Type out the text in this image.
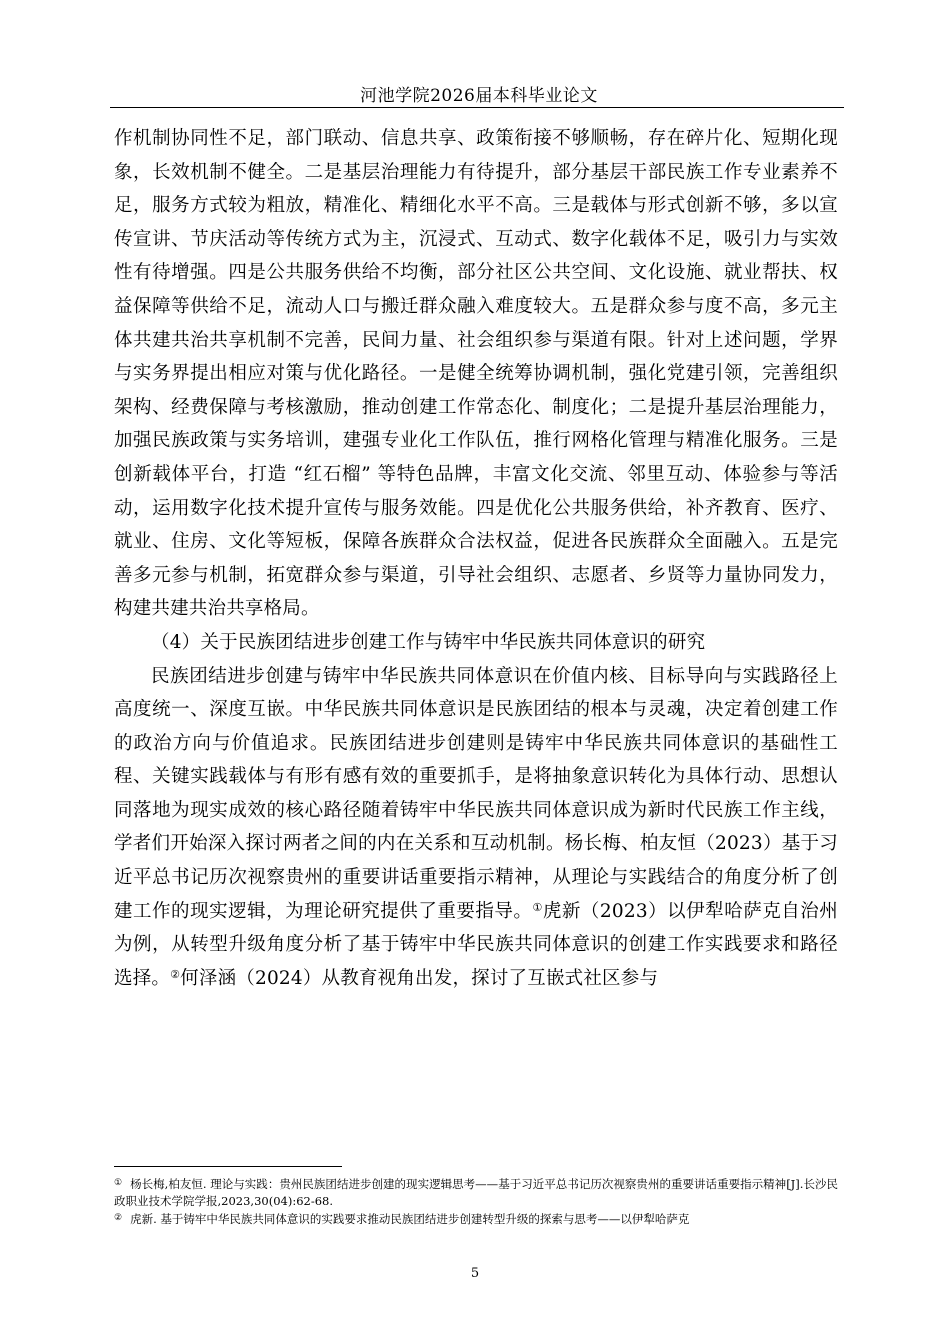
河池学院2026届本科毕业论文

作机制协同性不足，部门联动、信息共享、政策衔接不够顺畅，存在碎片化、短期化现象，长效机制不健全。二是基层治理能力有待提升，部分基层干部民族工作专业素养不足，服务方式较为粗放，精准化、精细化水平不高。三是载体与形式创新不够，多以宣传宣讲、节庆活动等传统方式为主，沉浸式、互动式、数字化载体不足，吸引力与实效性有待增强。四是公共服务供给不均衡，部分社区公共空间、文化设施、就业帮扶、权益保障等供给不足，流动人口与搬迁群众融入难度较大。五是群众参与度不高，多元主体共建共治共享机制不完善，民间力量、社会组织参与渠道有限。针对上述问题，学界与实务界提出相应对策与优化路径。一是健全统筹协调机制，强化党建引领，完善组织架构、经费保障与考核激励，推动创建工作常态化、制度化；二是提升基层治理能力，加强民族政策与实务培训，建强专业化工作队伍，推行网格化管理与精准化服务。三是创新载体平台，打造 “红石榴” 等特色品牌，丰富文化交流、邻里互动、体验参与等活动，运用数字化技术提升宣传与服务效能。四是优化公共服务供给，补齐教育、医疗、就业、住房、文化等短板，保障各族群众合法权益，促进各民族群众全面融入。五是完善多元参与机制，拓宽群众参与渠道，引导社会组织、志愿者、乡贤等力量协同发力，构建共建共治共享格局。

（4）关于民族团结进步创建工作与铸牢中华民族共同体意识的研究

民族团结进步创建与铸牢中华民族共同体意识在价值内核、目标导向与实践路径上高度统一、深度互嵌。中华民族共同体意识是民族团结的根本与灵魂，决定着创建工作的政治方向与价值追求。民族团结进步创建则是铸牢中华民族共同体意识的基础性工程、关键实践载体与有形有感有效的重要抓手，是将抽象意识转化为具体行动、思想认同落地为现实成效的核心路径随着铸牢中华民族共同体意识成为新时代民族工作主线，学者们开始深入探讨两者之间的内在关系和互动机制。杨长梅、柏友恒（2023）基于习近平总书记历次视察贵州的重要讲话重要指示精神，从理论与实践结合的角度分析了创建工作的现实逻辑，为理论研究提供了重要指导。①虎新（2023）以伊犁哈萨克自治州为例，从转型升级角度分析了基于铸牢中华民族共同体意识的创建工作实践要求和路径选择。②何泽涵（2024）从教育视角出发，探讨了互嵌式社区参与

① 杨长梅,柏友恒. 理论与实践：贵州民族团结进步创建的现实逻辑思考——基于习近平总书记历次视察贵州的重要讲话重要指示精神[J].长沙民政职业技术学院学报,2023,30(04):62-68.

② 虎新. 基于铸牢中华民族共同体意识的实践要求推动民族团结进步创建转型升级的探索与思考——以伊犁哈萨克

5
